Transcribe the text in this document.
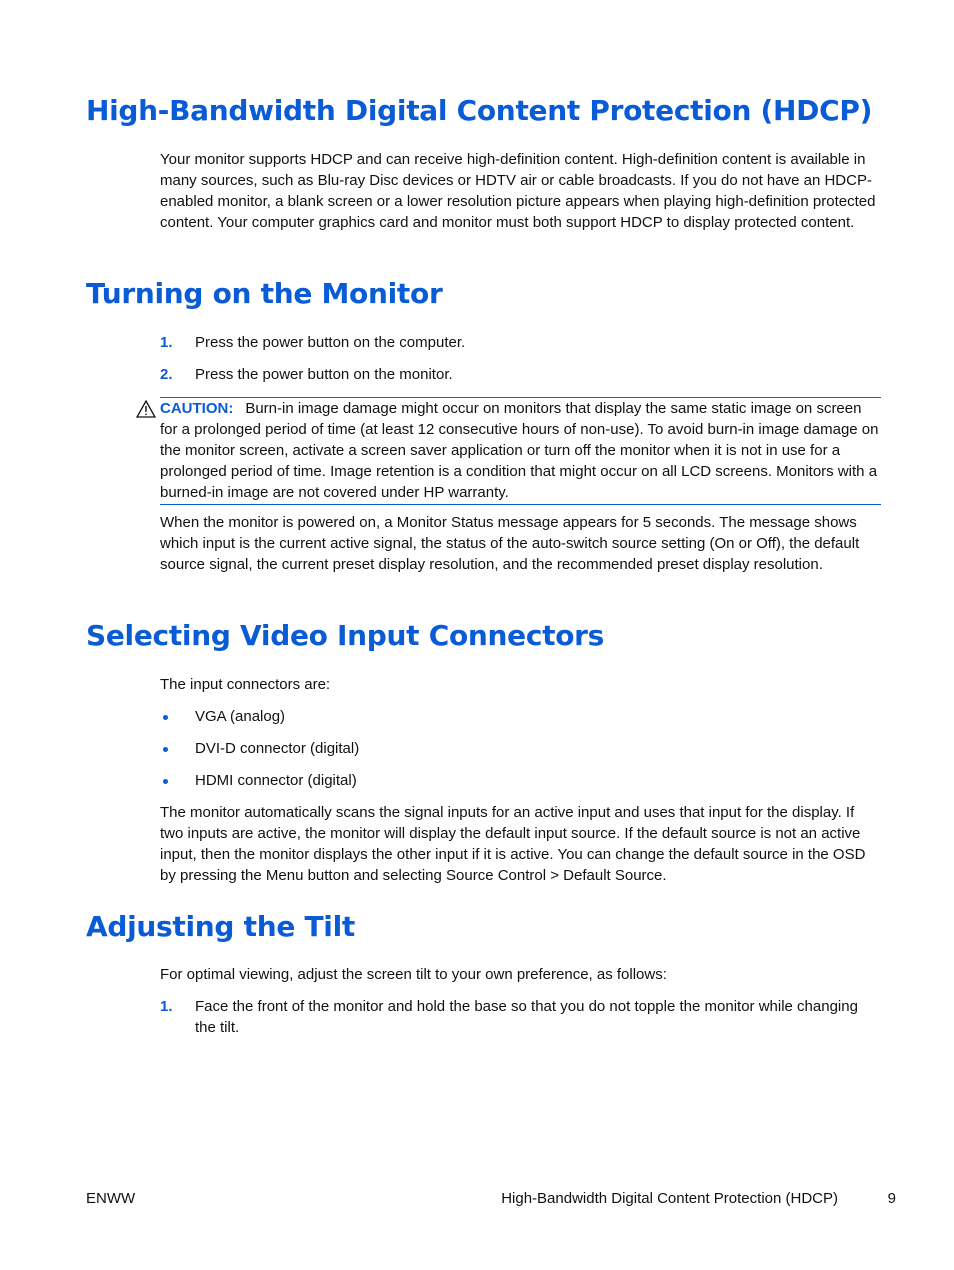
High-Bandwidth Digital Content Protection (HDCP)

Your monitor supports HDCP and can receive high-definition content. High-definition content is available in many sources, such as Blu-ray Disc devices or HDTV air or cable broadcasts. If you do not have an HDCP-enabled monitor, a blank screen or a lower resolution picture appears when playing high-definition protected content. Your computer graphics card and monitor must both support HDCP to display protected content.

Turning on the Monitor
1. Press the power button on the computer.
2. Press the power button on the monitor.

CAUTION: Burn-in image damage might occur on monitors that display the same static image on screen for a prolonged period of time (at least 12 consecutive hours of non-use). To avoid burn-in image damage on the monitor screen, activate a screen saver application or turn off the monitor when it is not in use for a prolonged period of time. Image retention is a condition that might occur on all LCD screens. Monitors with a burned-in image are not covered under HP warranty.

When the monitor is powered on, a Monitor Status message appears for 5 seconds. The message shows which input is the current active signal, the status of the auto-switch source setting (On or Off), the default source signal, the current preset display resolution, and the recommended preset display resolution.

Selecting Video Input Connectors

The input connectors are:

VGA (analog)
DVI-D connector (digital)
HDMI connector (digital)

The monitor automatically scans the signal inputs for an active input and uses that input for the display. If two inputs are active, the monitor will display the default input source. If the default source is not an active input, then the monitor displays the other input if it is active. You can change the default source in the OSD by pressing the Menu button and selecting Source Control > Default Source.

Adjusting the Tilt

For optimal viewing, adjust the screen tilt to your own preference, as follows:

1. Face the front of the monitor and hold the base so that you do not topple the monitor while changing the tilt.
ENWW	High-Bandwidth Digital Content Protection (HDCP)	9
